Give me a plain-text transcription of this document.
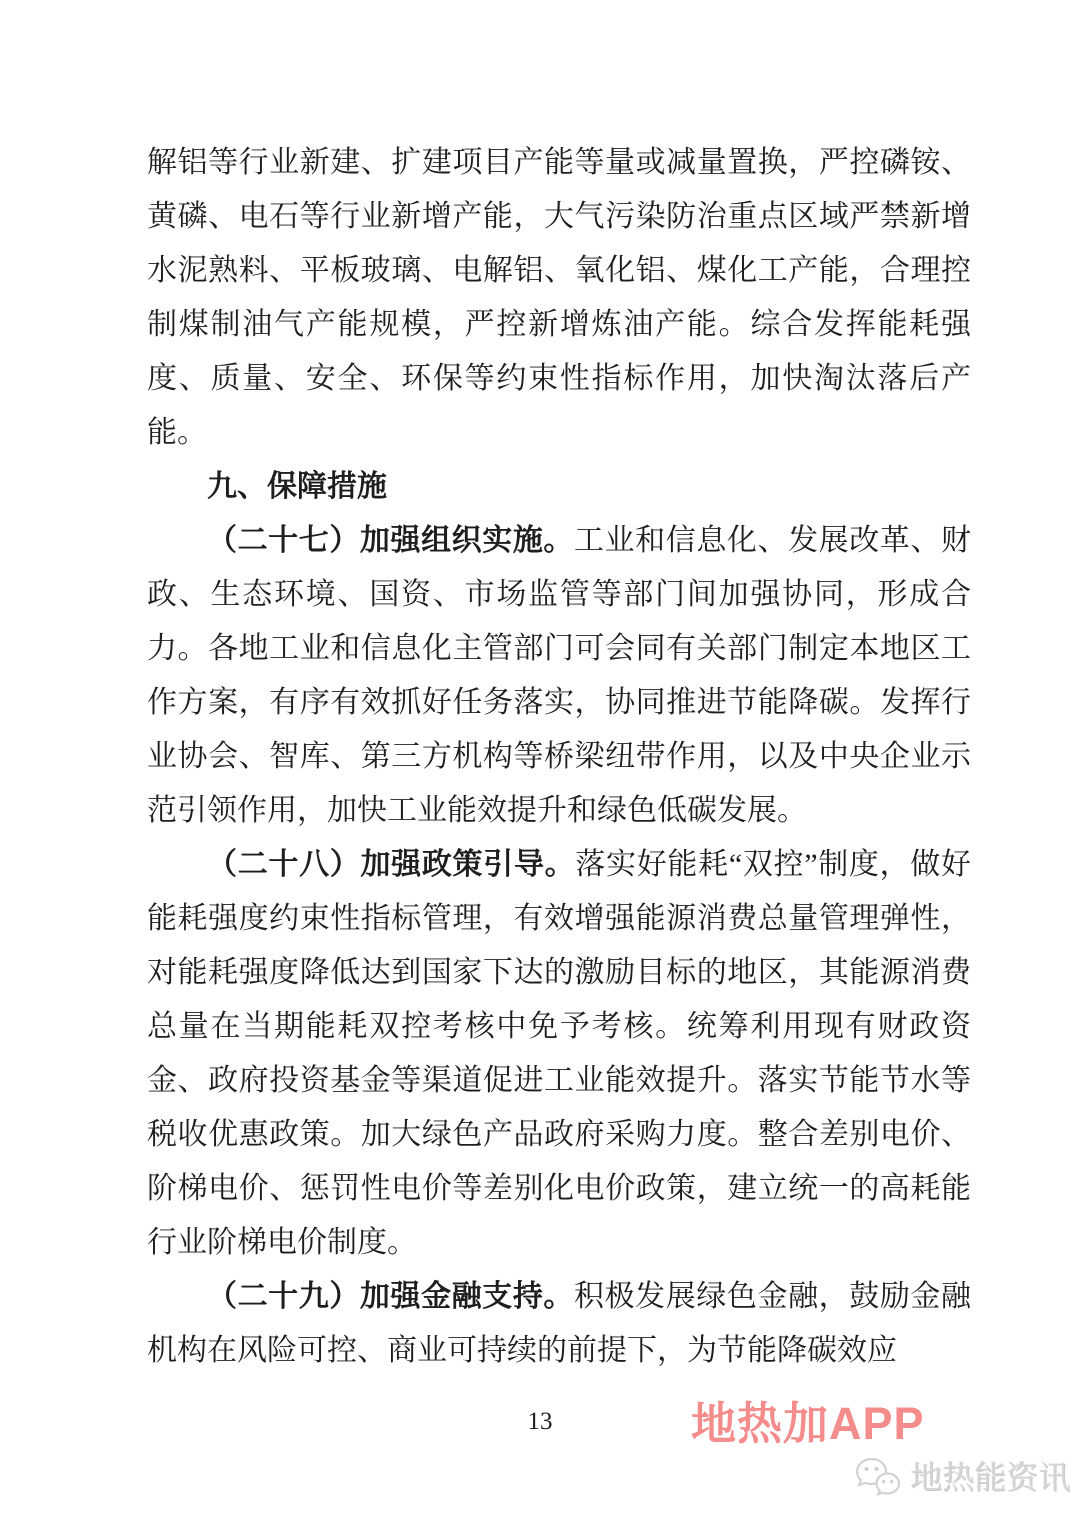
解铝等行业新建、扩建项目产能等量或减量置换，严控磷铵、黄磷、电石等行业新增产能，大气污染防治重点区域严禁新增水泥熟料、平板玻璃、电解铝、氧化铝、煤化工产能，合理控制煤制油气产能规模，严控新增炼油产能。综合发挥能耗强度、质量、安全、环保等约束性指标作用，加快淘汰落后产能。

九、保障措施

（二十七）加强组织实施。工业和信息化、发展改革、财政、生态环境、国资、市场监管等部门间加强协同，形成合力。各地工业和信息化主管部门可会同有关部门制定本地区工作方案，有序有效抓好任务落实，协同推进节能降碳。发挥行业协会、智库、第三方机构等桥梁纽带作用，以及中央企业示范引领作用，加快工业能效提升和绿色低碳发展。

（二十八）加强政策引导。落实好能耗“双控”制度，做好能耗强度约束性指标管理，有效增强能源消费总量管理弹性，对能耗强度降低达到国家下达的激励目标的地区，其能源消费总量在当期能耗双控考核中免予考核。统筹利用现有财政资金、政府投资基金等渠道促进工业能效提升。落实节能节水等税收优惠政策。加大绿色产品政府采购力度。整合差别电价、阶梯电价、惩罚性电价等差别化电价政策，建立统一的高耗能行业阶梯电价制度。

（二十九）加强金融支持。积极发展绿色金融，鼓励金融机构在风险可控、商业可持续的前提下，为节能降碳效应

13	地热加APP
地热能资讯
